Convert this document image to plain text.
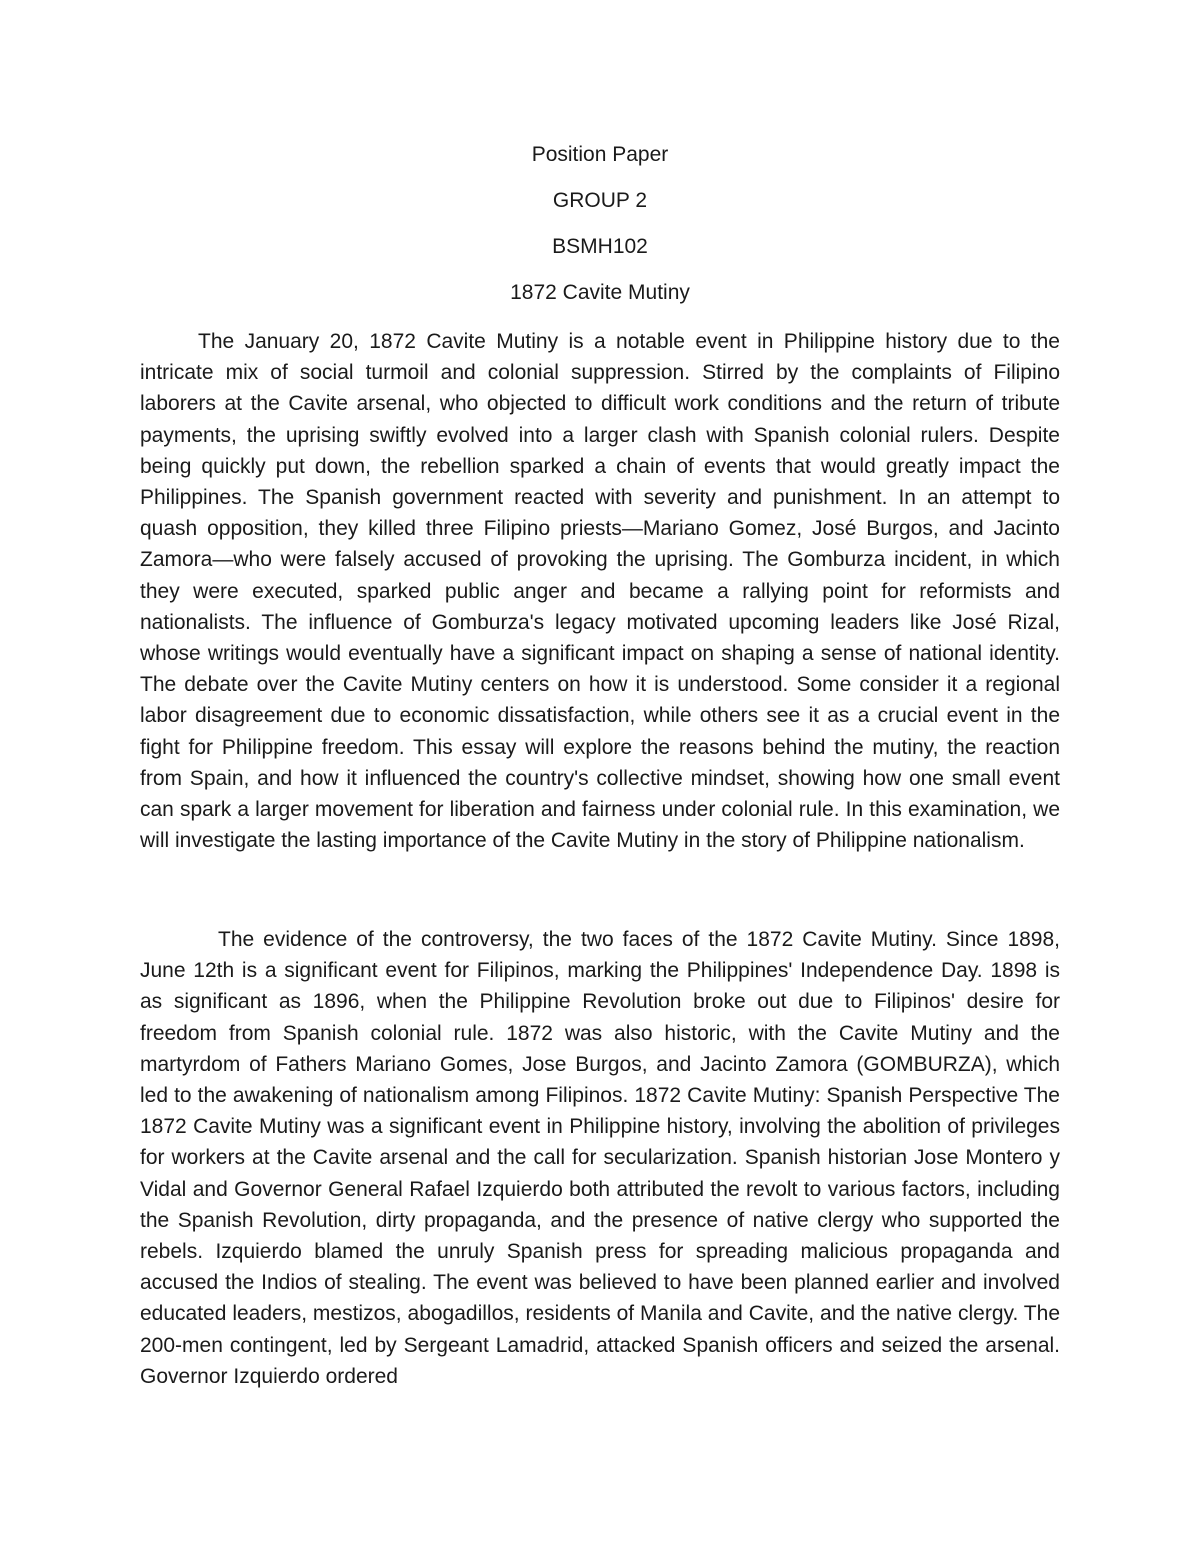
Position Paper
GROUP 2
BSMH102
1872 Cavite Mutiny

The January 20, 1872 Cavite Mutiny is a notable event in Philippine history due to the intricate mix of social turmoil and colonial suppression. Stirred by the complaints of Filipino laborers at the Cavite arsenal, who objected to difficult work conditions and the return of tribute payments, the uprising swiftly evolved into a larger clash with Spanish colonial rulers. Despite being quickly put down, the rebellion sparked a chain of events that would greatly impact the Philippines. The Spanish government reacted with severity and punishment. In an attempt to quash opposition, they killed three Filipino priests—Mariano Gomez, José Burgos, and Jacinto Zamora—who were falsely accused of provoking the uprising. The Gomburza incident, in which they were executed, sparked public anger and became a rallying point for reformists and nationalists. The influence of Gomburza's legacy motivated upcoming leaders like José Rizal, whose writings would eventually have a significant impact on shaping a sense of national identity. The debate over the Cavite Mutiny centers on how it is understood. Some consider it a regional labor disagreement due to economic dissatisfaction, while others see it as a crucial event in the fight for Philippine freedom. This essay will explore the reasons behind the mutiny, the reaction from Spain, and how it influenced the country's collective mindset, showing how one small event can spark a larger movement for liberation and fairness under colonial rule. In this examination, we will investigate the lasting importance of the Cavite Mutiny in the story of Philippine nationalism.

The evidence of the controversy, the two faces of the 1872 Cavite Mutiny. Since 1898, June 12th is a significant event for Filipinos, marking the Philippines' Independence Day. 1898 is as significant as 1896, when the Philippine Revolution broke out due to Filipinos' desire for freedom from Spanish colonial rule. 1872 was also historic, with the Cavite Mutiny and the martyrdom of Fathers Mariano Gomes, Jose Burgos, and Jacinto Zamora (GOMBURZA), which led to the awakening of nationalism among Filipinos. 1872 Cavite Mutiny: Spanish Perspective The 1872 Cavite Mutiny was a significant event in Philippine history, involving the abolition of privileges for workers at the Cavite arsenal and the call for secularization. Spanish historian Jose Montero y Vidal and Governor General Rafael Izquierdo both attributed the revolt to various factors, including the Spanish Revolution, dirty propaganda, and the presence of native clergy who supported the rebels. Izquierdo blamed the unruly Spanish press for spreading malicious propaganda and accused the Indios of stealing. The event was believed to have been planned earlier and involved educated leaders, mestizos, abogadillos, residents of Manila and Cavite, and the native clergy. The 200-men contingent, led by Sergeant Lamadrid, attacked Spanish officers and seized the arsenal. Governor Izquierdo ordered
